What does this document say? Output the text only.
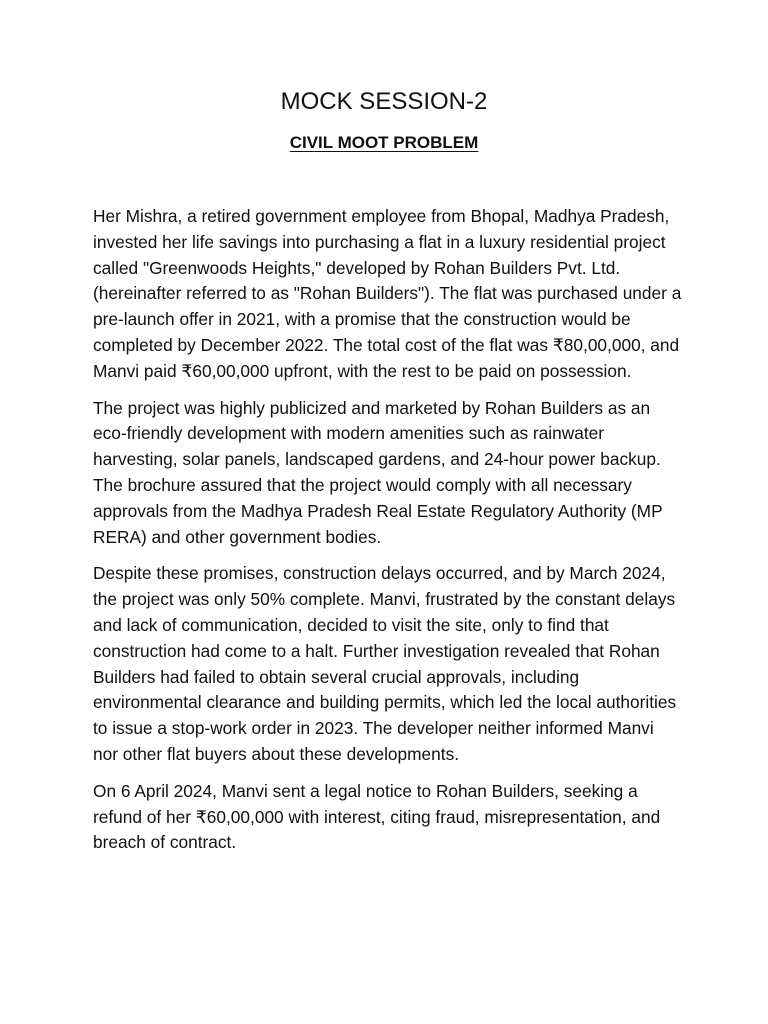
MOCK SESSION-2
CIVIL MOOT PROBLEM

Her Mishra, a retired government employee from Bhopal, Madhya Pradesh, invested her life savings into purchasing a flat in a luxury residential project called "Greenwoods Heights," developed by Rohan Builders Pvt. Ltd. (hereinafter referred to as "Rohan Builders"). The flat was purchased under a pre-launch offer in 2021, with a promise that the construction would be completed by December 2022. The total cost of the flat was ₹80,00,000, and Manvi paid ₹60,00,000 upfront, with the rest to be paid on possession.

The project was highly publicized and marketed by Rohan Builders as an eco-friendly development with modern amenities such as rainwater harvesting, solar panels, landscaped gardens, and 24-hour power backup. The brochure assured that the project would comply with all necessary approvals from the Madhya Pradesh Real Estate Regulatory Authority (MP RERA) and other government bodies.

Despite these promises, construction delays occurred, and by March 2024, the project was only 50% complete. Manvi, frustrated by the constant delays and lack of communication, decided to visit the site, only to find that construction had come to a halt. Further investigation revealed that Rohan Builders had failed to obtain several crucial approvals, including environmental clearance and building permits, which led the local authorities to issue a stop-work order in 2023. The developer neither informed Manvi nor other flat buyers about these developments.

On 6 April 2024, Manvi sent a legal notice to Rohan Builders, seeking a refund of her ₹60,00,000 with interest, citing fraud, misrepresentation, and breach of contract.
